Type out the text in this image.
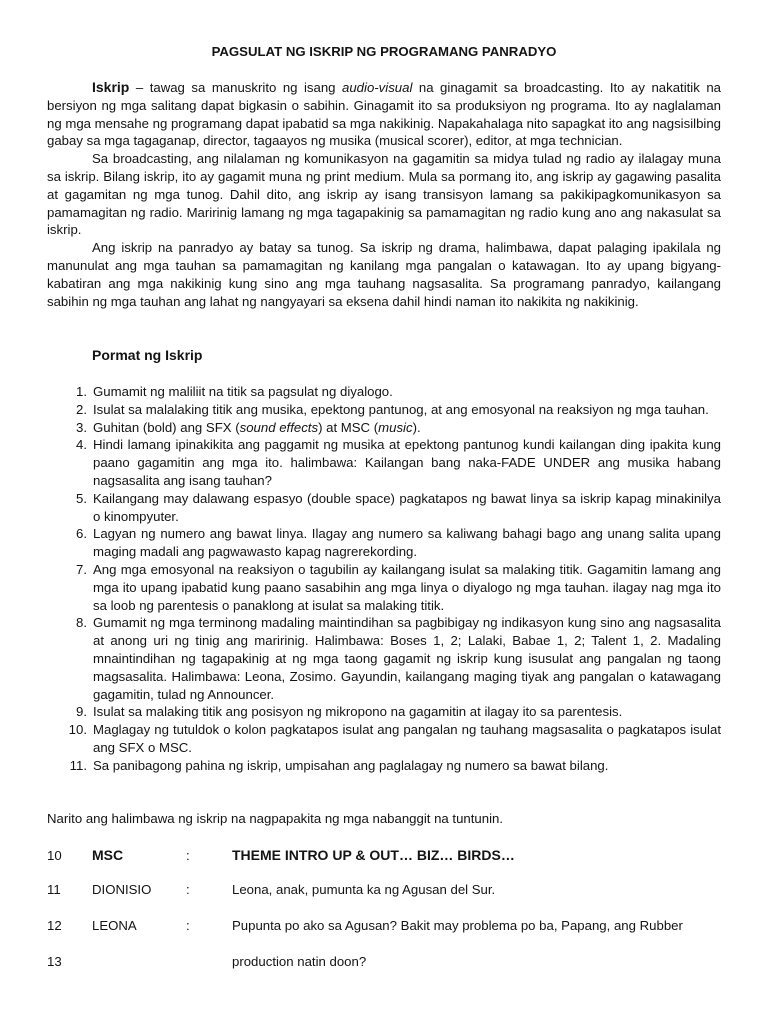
PAGSULAT NG ISKRIP NG PROGRAMANG PANRADYO

Iskrip – tawag sa manuskrito ng isang audio-visual na ginagamit sa broadcasting. Ito ay nakatitik na bersiyon ng mga salitang dapat bigkasin o sabihin. Ginagamit ito sa produksiyon ng programa. Ito ay naglalaman ng mga mensahe ng programang dapat ipabatid sa mga nakikinig. Napakahalaga nito sapagkat ito ang nagsisilbing gabay sa mga tagaganap, director, tagaayos ng musika (musical scorer), editor, at mga technician.

Sa broadcasting, ang nilalaman ng komunikasyon na gagamitin sa midya tulad ng radio ay ilalagay muna sa iskrip. Bilang iskrip, ito ay gagamit muna ng print medium. Mula sa pormang ito, ang iskrip ay gagawing pasalita at gagamitan ng mga tunog. Dahil dito, ang iskrip ay isang transisyon lamang sa pakikipagkomunikasyon sa pamamagitan ng radio. Maririnig lamang ng mga tagapakinig sa pamamagitan ng radio kung ano ang nakasulat sa iskrip.

Ang iskrip na panradyo ay batay sa tunog. Sa iskrip ng drama, halimbawa, dapat palaging ipakilala ng manunulat ang mga tauhan sa pamamagitan ng kanilang mga pangalan o katawagan. Ito ay upang bigyang-kabatiran ang mga nakikinig kung sino ang mga tauhang nagsasalita. Sa programang panradyo, kailangang sabihin ng mga tauhan ang lahat ng nangyayari sa eksena dahil hindi naman ito nakikita ng nakikinig.

Pormat ng Iskrip
1. Gumamit ng maliliit na titik sa pagsulat ng diyalogo.
2. Isulat sa malalaking titik ang musika, epektong pantunog, at ang emosyonal na reaksiyon ng mga tauhan.
3. Guhitan (bold) ang SFX (sound effects) at MSC (music).
4. Hindi lamang ipinakikita ang paggamit ng musika at epektong pantunog kundi kailangan ding ipakita kung paano gagamitin ang mga ito. halimbawa: Kailangan bang naka-FADE UNDER ang musika habang nagsasalita ang isang tauhan?
5. Kailangang may dalawang espasyo (double space) pagkatapos ng bawat linya sa iskrip kapag minakinilya o kinompyuter.
6. Lagyan ng numero ang bawat linya. Ilagay ang numero sa kaliwang bahagi bago ang unang salita upang maging madali ang pagwawasto kapag nagrerekording.
7. Ang mga emosyonal na reaksiyon o tagubilin ay kailangang isulat sa malaking titik. Gagamitin lamang ang mga ito upang ipabatid kung paano sasabihin ang mga linya o diyalogo ng mga tauhan. ilagay nag mga ito sa loob ng parentesis o panaklong at isulat sa malaking titik.
8. Gumamit ng mga terminong madaling maintindihan sa pagbibigay ng indikasyon kung sino ang nagsasalita at anong uri ng tinig ang maririnig. Halimbawa: Boses 1, 2; Lalaki, Babae 1, 2; Talent 1, 2. Madaling mnaintindihan ng tagapakinig at ng mga taong gagamit ng iskrip kung isusulat ang pangalan ng taong magsasalita. Halimbawa: Leona, Zosimo. Gayundin, kailangang maging tiyak ang pangalan o katawagang gagamitin, tulad ng Announcer.
9. Isulat sa malaking titik ang posisyon ng mikropono na gagamitin at ilagay ito sa parentesis.
10. Maglagay ng tutuldok o kolon pagkatapos isulat ang pangalan ng tauhang magsasalita o pagkatapos isulat ang SFX o MSC.
11. Sa panibagong pahina ng iskrip, umpisahan ang paglalagay ng numero sa bawat bilang.
Narito ang halimbawa ng iskrip na nagpapakita ng mga nabanggit na tuntunin.
10 MSC	:	THEME INTRO UP & OUT… BIZ… BIRDS…
11 DIONISIO	:	Leona, anak, pumunta ka ng Agusan del Sur.
12 LEONA	:	Pupunta po ako sa Agusan? Bakit may problema po ba, Papang, ang Rubber
13	production natin doon?
